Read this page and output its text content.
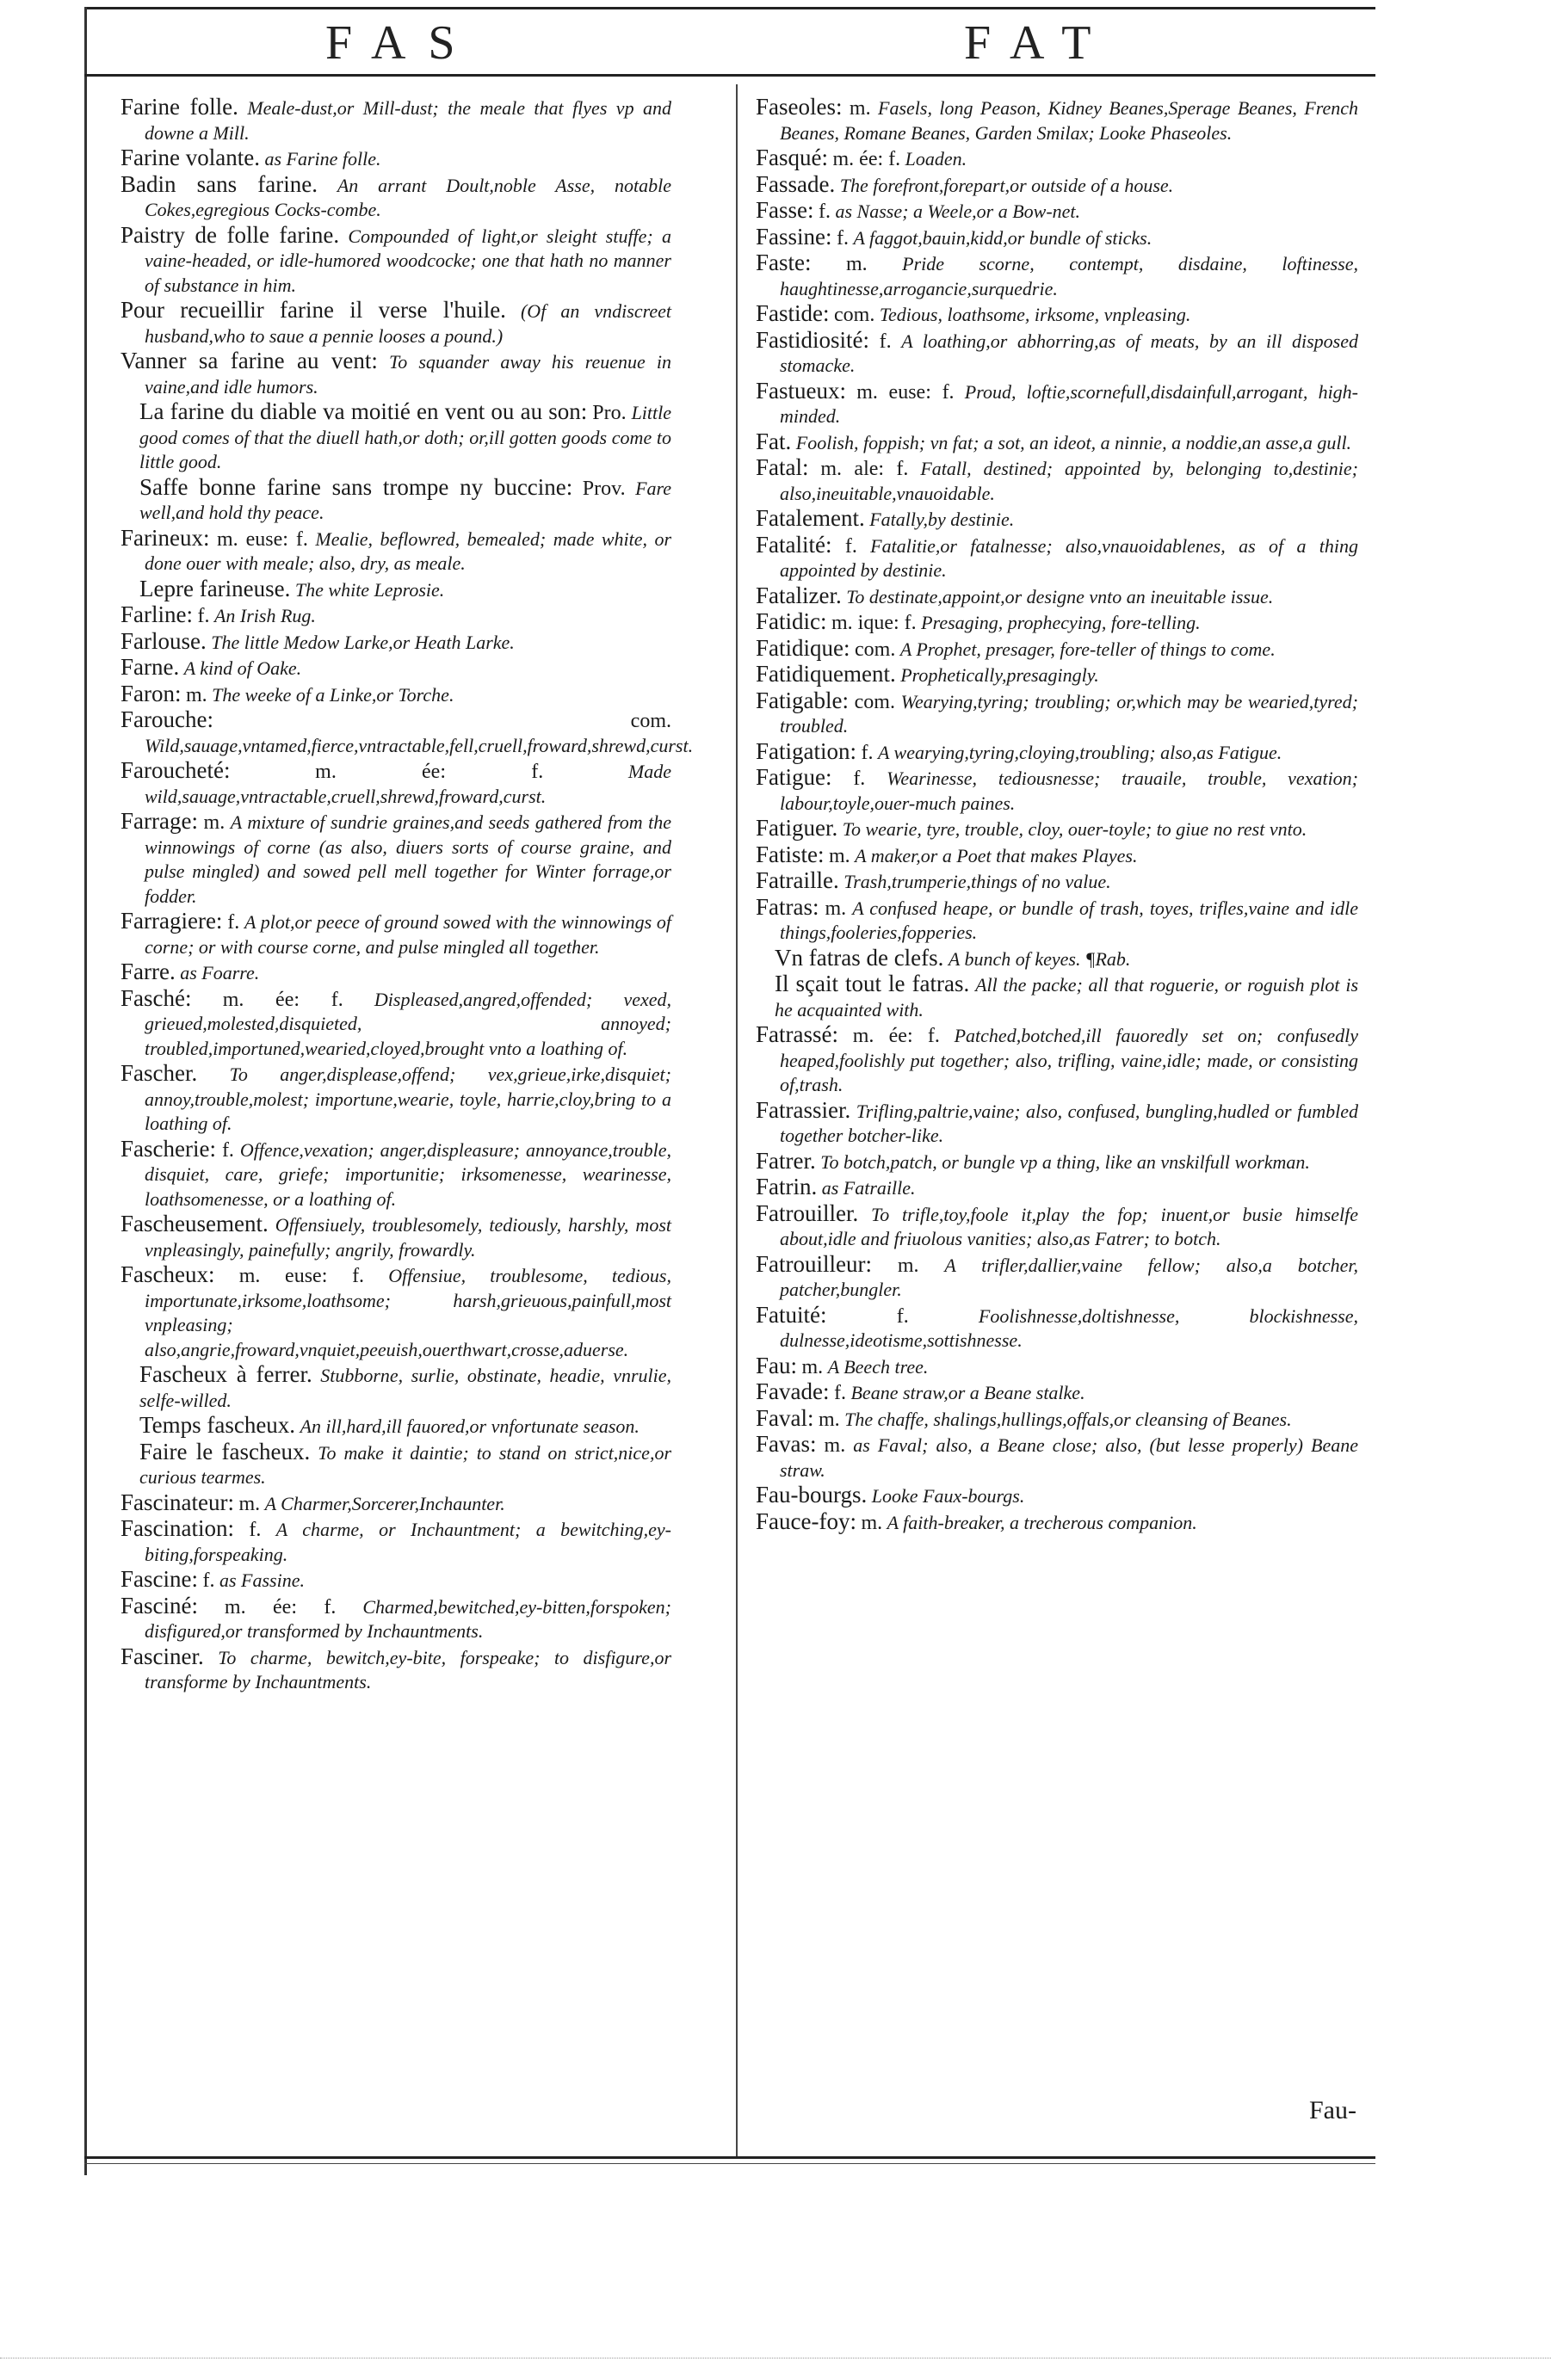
FAS	FAT

Farine folle. Meale-dust,or Mill-dust; the meale that flyes vp and downe a Mill.

Farine volante. as Farine folle.

Badin sans farine. An arrant Doult,noble Asse, notable Cokes,egregious Cocks-combe.

Paistry de folle farine. Compounded of light,or sleight stuffe; a vaine-headed, or idle-humored woodcocke; one that hath no manner of substance in him.

Pour recueillir farine il verse l'huile. (Of an vndiscreet husband,who to saue a pennie looses a pound.)

Vanner sa farine au vent: To squander away his reuenue in vaine,and idle humors.

La farine du diable va moitié en vent ou au son: Pro. Little good comes of that the diuell hath,or doth; or,ill gotten goods come to little good.

Saffe bonne farine sans trompe ny buccine: Prov. Fare well,and hold thy peace.

Farineux: m. euse: f. Mealie, beflowred, bemealed; made white, or done ouer with meale; also, dry, as meale.

Lepre farineuse. The white Leprosie.

Farline: f. An Irish Rug.

Farlouse. The little Medow Larke,or Heath Larke.

Farne. A kind of Oake.

Faron: m. The weeke of a Linke,or Torche.

Farouche:	com. Wild,sauage,vntamed,fierce,vntractable,fell,cruell,froward,shrewd,curst.

Farouchеté:	m. ée: f.	Made wild,sauage,vntractable,cruell,shrewd,froward,curst.

Farrage: m. A mixture of sundrie graines,and seeds gathered from the winnowings of corne (as also, diuers sorts of course graine, and pulse mingled) and sowed pell mell together for Winter forrage,or fodder.

Farragiere: f. A plot,or peece of ground sowed with the winnowings of corne; or with course corne, and pulse mingled all together.

Farre. as Foarre.

Fasché: m. ée: f. Displeased,angred,offended; vexed, grieued,molested,disquieted, annoyed; troubled,importuned,wearied,cloyed,brought vnto a loathing of.

Fascher. To anger,displease,offend; vex,grieue,irke,disquiet; annoy,trouble,molest; importune,wearie, toyle, harrie,cloy,bring to a loathing of.

Fascherie: f. Offence,vexation; anger,displeasure; annoyance,trouble, disquiet, care, griefe; importunitie; irksomenesse, wearinesse, loathsomenesse, or a loathing of.

Fascheusement. Offensiuely, troublesomely, tediously, harshly, most vnpleasingly, painefully; angrily, frowardly.

Fascheux: m. euse: f. Offensiue, troublesome, tedious, importunate,irksome,loathsome; harsh,grieuous,painfull,most vnpleasing; also,angrie,froward,vnquiet,peeuish,ouerthwart,crosse,aduerse.

Fascheux à ferrer. Stubborne, surlie, obstinate, headie, vnrulie, selfe-willed.

Temps fascheux. An ill,hard,ill fauored,or vnfortunate season.

Faire le fascheux. To make it daintie; to stand on strict,nice,or curious tearmes.

Fascinateur: m. A Charmer,Sorcerer,Inchaunter.

Fascination: f. A charme, or Inchauntment; a bewitching,ey-biting,forspeaking.

Fascine: f. as Fassine.

Fasciné: m. ée: f. Charmed,bewitched,ey-bitten,forspoken; disfigured,or transformed by Inchauntments.

Fasciner. To charme, bewitch,ey-bite, forspeake; to disfigure,or transforme by Inchauntments.

Faseoles: m. Fasels, long Peason, Kidney Beanes,Sperage Beanes, French Beanes, Romane Beanes, Garden Smilax; Looke Phaseoles.

Fasqué: m. ée: f. Loaden.

Fassade. The forefront,forepart,or outside of a house.

Fasse: f. as Nasse; a Weele,or a Bow-net.

Fassine: f. A faggot,bauin,kidd,or bundle of sticks.

Faste: m. Pride scorne, contempt, disdaine, loftinesse, haughtinesse,arrogancie,surquedrie.

Fastide: com. Tedious, loathsome, irksome, vnpleasing.

Fastidiosité: f. A loathing,or abhorring,as of meats, by an ill disposed stomacke.

Fastueux: m. euse: f. Proud, loftie,scornefull,disdainfull,arrogant, high-minded.

Fat. Foolish, foppish; vn fat; a sot, an ideot, a ninnie, a noddie,an asse,a gull.

Fatal: m. ale: f. Fatall, destined; appointed by, belonging to,destinie; also,ineuitable,vnauoidable.

Fatalement. Fatally,by destinie.

Fatalité: f. Fatalitie,or fatalnesse; also,vnauoidablenes, as of a thing appointed by destinie.

Fatalizer. To destinate,appoint,or designe vnto an ineuitable issue.

Fatidic: m. ique: f. Presaging, prophecying, fore-telling.

Fatidique: com. A Prophet, presager, fore-teller of things to come.

Fatidiquement. Prophetically,presagingly.

Fatigable: com. Wearying,tyring; troubling; or,which may be wearied,tyred; troubled.

Fatigation: f. A wearying,tyring,cloying,troubling; also,as Fatigue.

Fatigue: f. Wearinesse, tediousnesse; trauaile, trouble, vexation; labour,toyle,ouer-much paines.

Fatiguer. To wearie, tyre, trouble, cloy, ouer-toyle; to giue no rest vnto.

Fatiste: m. A maker,or a Poet that makes Playes.

Fatraille. Trash,trumperie,things of no value.

Fatras: m. A confused heape, or bundle of trash, toyes, trifles,vaine and idle things,fooleries,fopperies.

Vn fatras de clefs. A bunch of keyes. ¶Rab.

Il sçait tout le fatras. All the packe; all that roguerie, or roguish plot is he acquainted with.

Fatrassé: m. ée: f. Patched,botched,ill fauoredly set on; confusedly heaped,foolishly put together; also, trifling, vaine,idle; made, or consisting of,trash.

Fatrassier. Trifling,paltrie,vaine; also, confused, bungling,hudled or fumbled together botcher-like.

Fatrer. To botch,patch, or bungle vp a thing, like an vnskilfull workman.

Fatrin. as Fatraille.

Fatrouiller. To trifle,toy,foole it,play the fop; inuent,or busie himselfe about,idle and friuolous vanities; also,as Fatrer; to botch.

Fatrouilleur: m. A trifler,dallier,vaine fellow; also,a botcher, patcher,bungler.

Fatuité:	f.	Foolishnesse,doltishnesse, blockishnesse, dulnesse,ideotisme,sottishnesse.

Fau: m. A Beech tree.

Favade: f. Beane straw,or a Beane stalke.

Faval: m. The chaffe, shalings,hullings,offals,or cleansing of Beanes.

Favas: m. as Faval; also, a Beane close; also, (but lesse properly) Beane straw.

Fau-bourgs. Looke Faux-bourgs.

Fauce-foy: m. A faith-breaker, a trecherous companion.

Fau-
